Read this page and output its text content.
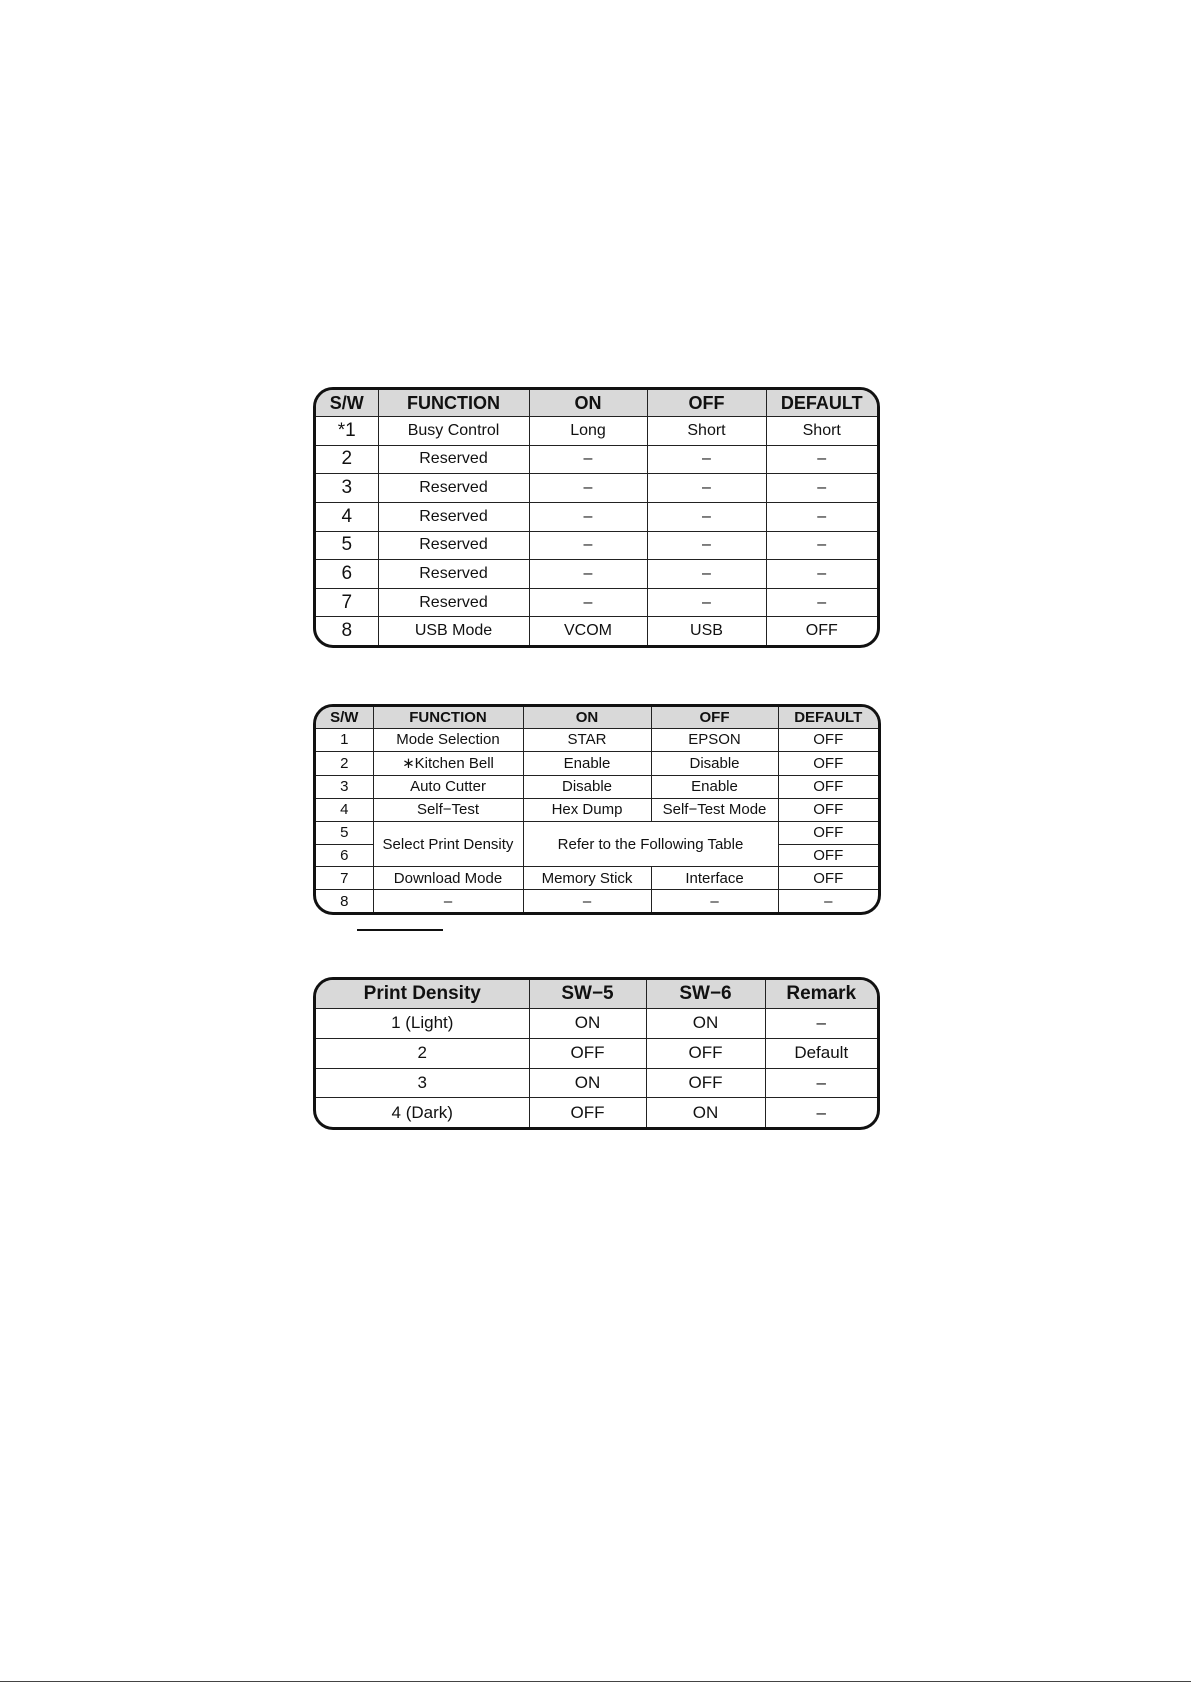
S/W	FUNCTION	ON	OFF	DEFAULT
*1	Busy Control	Long	Short	Short
2	Reserved	–	–	–
3	Reserved	–	–	–
4	Reserved	–	–	–
5	Reserved	–	–	–
6	Reserved	–	–	–
7	Reserved	–	–	–
8	USB Mode	VCOM	USB	OFF
S/W	FUNCTION	ON	OFF	DEFAULT
1	Mode Selection	STAR	EPSON	OFF
2	∗Kitchen Bell	Enable	Disable	OFF
3	Auto Cutter	Disable	Enable	OFF
4	Self−Test	Hex Dump	Self−Test Mode	OFF
5	Select Print Density	Refer to the Following Table		OFF
6				OFF
7	Download Mode	Memory Stick	Interface	OFF
8	–	–	–	–
Print Density	SW−5	SW−6	Remark
1 (Light)	ON	ON	–
2	OFF	OFF	Default
3	ON	OFF	–
4 (Dark)	OFF	ON	–
